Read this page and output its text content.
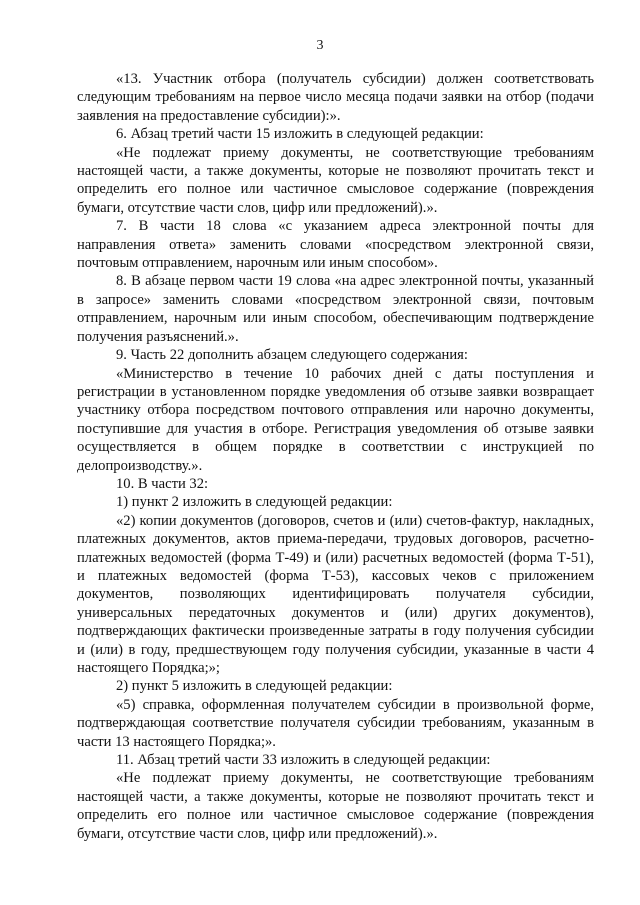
3

«13. Участник отбора (получатель субсидии) должен соответствовать следующим требованиям на первое число месяца подачи заявки на отбор (подачи заявления на предоставление субсидии):».

6. Абзац третий части 15 изложить в следующей редакции:

«Не подлежат приему документы, не соответствующие требованиям настоящей части, а также документы, которые не позволяют прочитать текст и определить его полное или частичное смысловое содержание (повреждения бумаги, отсутствие части слов, цифр или предложений).».

7. В части 18 слова «с указанием адреса электронной почты для направления ответа» заменить словами «посредством электронной связи, почтовым отправлением, нарочным или иным способом».

8. В абзаце первом части 19 слова «на адрес электронной почты, указанный в запросе» заменить словами «посредством электронной связи, почтовым отправлением, нарочным или иным способом, обеспечивающим подтверждение получения разъяснений.».

9. Часть 22 дополнить абзацем следующего содержания:

«Министерство в течение 10 рабочих дней с даты поступления и регистрации в установленном порядке уведомления об отзыве заявки возвращает участнику отбора посредством почтового отправления или нарочно документы, поступившие для участия в отборе. Регистрация уведомления об отзыве заявки осуществляется в общем порядке в соответствии с инструкцией по делопроизводству.».

10. В части 32:

1) пункт 2 изложить в следующей редакции:

«2) копии документов (договоров, счетов и (или) счетов-фактур, накладных, платежных документов, актов приема-передачи, трудовых договоров, расчетно-платежных ведомостей (форма Т-49) и (или) расчетных ведомостей (форма Т-51), и платежных ведомостей (форма Т-53), кассовых чеков с приложением документов, позволяющих идентифицировать получателя субсидии, универсальных передаточных документов и (или) других документов), подтверждающих фактически произведенные затраты в году получения субсидии и (или) в году, предшествующем году получения субсидии, указанные в части 4 настоящего Порядка;»;

2) пункт 5 изложить в следующей редакции:

«5) справка, оформленная получателем субсидии в произвольной форме, подтверждающая соответствие получателя субсидии требованиям, указанным в части 13 настоящего Порядка;».

11. Абзац третий части 33 изложить в следующей редакции:

«Не подлежат приему документы, не соответствующие требованиям настоящей части, а также документы, которые не позволяют прочитать текст и определить его полное или частичное смысловое содержание (повреждения бумаги, отсутствие части слов, цифр или предложений).».
